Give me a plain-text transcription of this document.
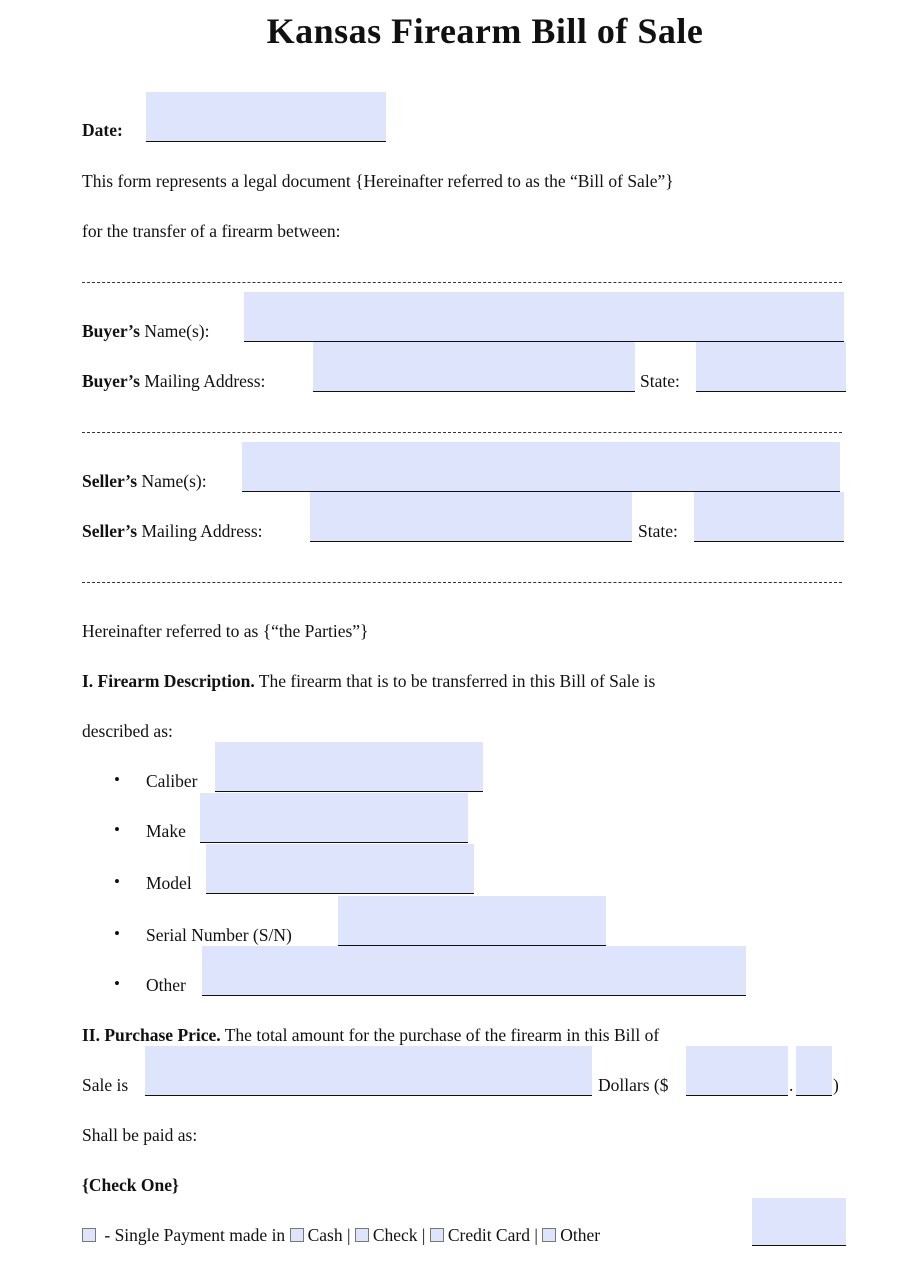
Kansas Firearm Bill of Sale
Date:
This form represents a legal document {Hereinafter referred to as the “Bill of Sale”}
for the transfer of a firearm between:
Buyer’s Name(s):
Buyer’s Mailing Address:	State:
Seller’s Name(s):
Seller’s Mailing Address:	State:
Hereinafter referred to as {“the Parties”}
I. Firearm Description. The firearm that is to be transferred in this Bill of Sale is
described as:
• Caliber
• Make
• Model
• Serial Number (S/N)
• Other
II. Purchase Price. The total amount for the purchase of the firearm in this Bill of
Sale is	Dollars ($	. )
Shall be paid as:
{Check One}
- Single Payment made in Cash | Check | Credit Card | Other
